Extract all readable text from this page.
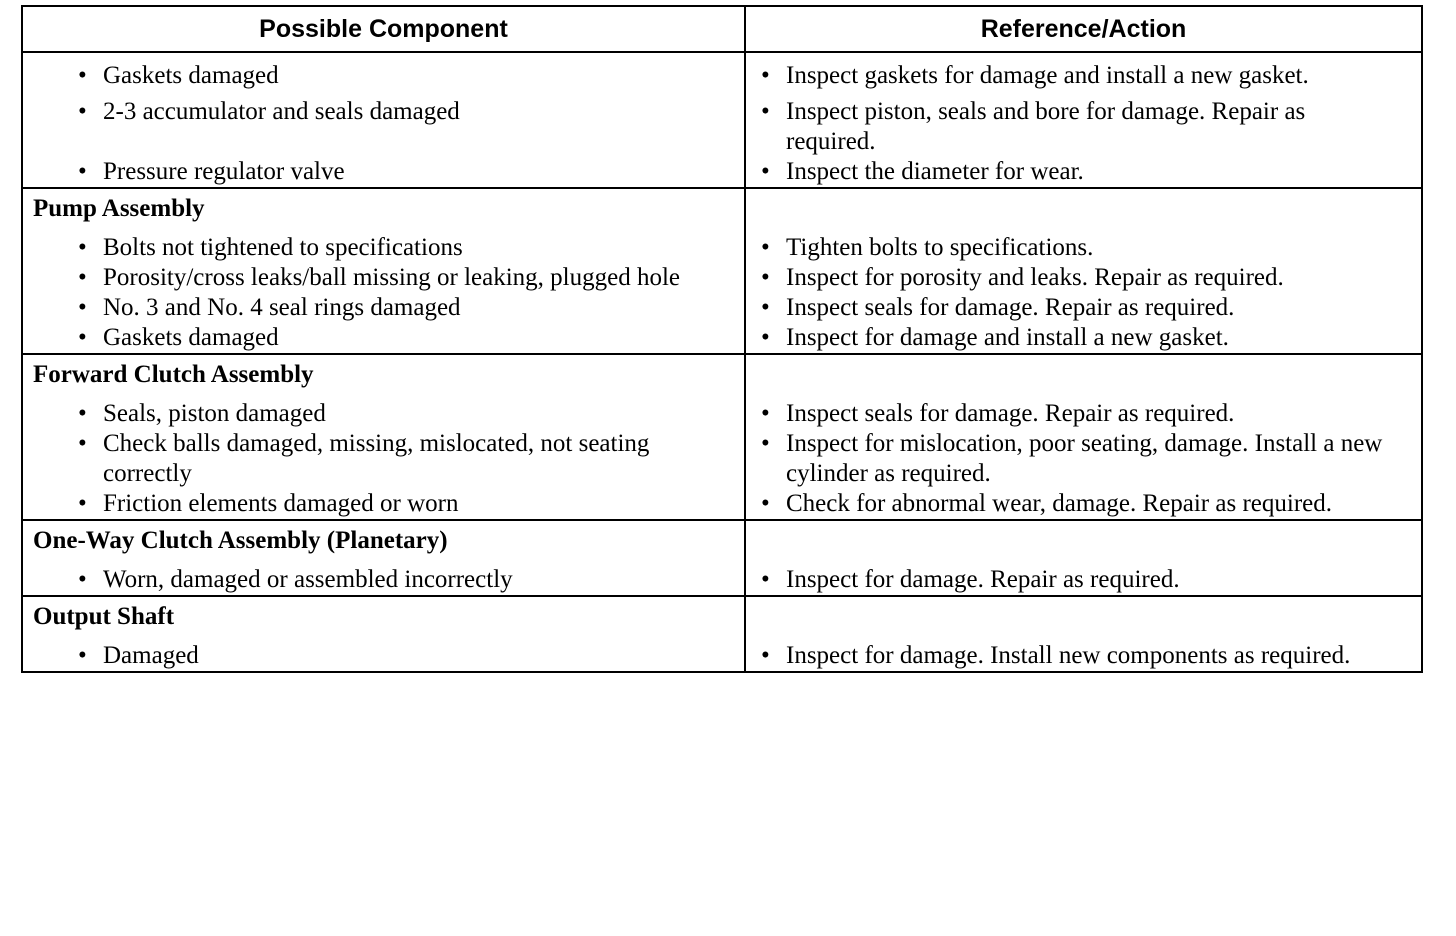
Possible Component	Reference/Action

• Gaskets damaged	• Inspect gaskets for damage and install a new gasket.

• 2-3 accumulator and seals damaged	• Inspect piston, seals and bore for damage. Repair as required.

• Pressure regulator valve	• Inspect the diameter for wear.

Pump Assembly	

• Bolts not tightened to specifications	• Tighten bolts to specifications.

• Porosity/cross leaks/ball missing or leaking, plugged hole	• Inspect for porosity and leaks. Repair as required.

• No. 3 and No. 4 seal rings damaged	• Inspect seals for damage. Repair as required.

• Gaskets damaged	• Inspect for damage and install a new gasket.

Forward Clutch Assembly	

• Seals, piston damaged	• Inspect seals for damage. Repair as required.

• Check balls damaged, missing, mislocated, not seating correctly	• Inspect for mislocation, poor seating, damage. Install a new cylinder as required.

• Friction elements damaged or worn	• Check for abnormal wear, damage. Repair as required.

One-Way Clutch Assembly (Planetary)	

• Worn, damaged or assembled incorrectly	• Inspect for damage. Repair as required.

Output Shaft	

• Damaged	• Inspect for damage. Install new components as required.
